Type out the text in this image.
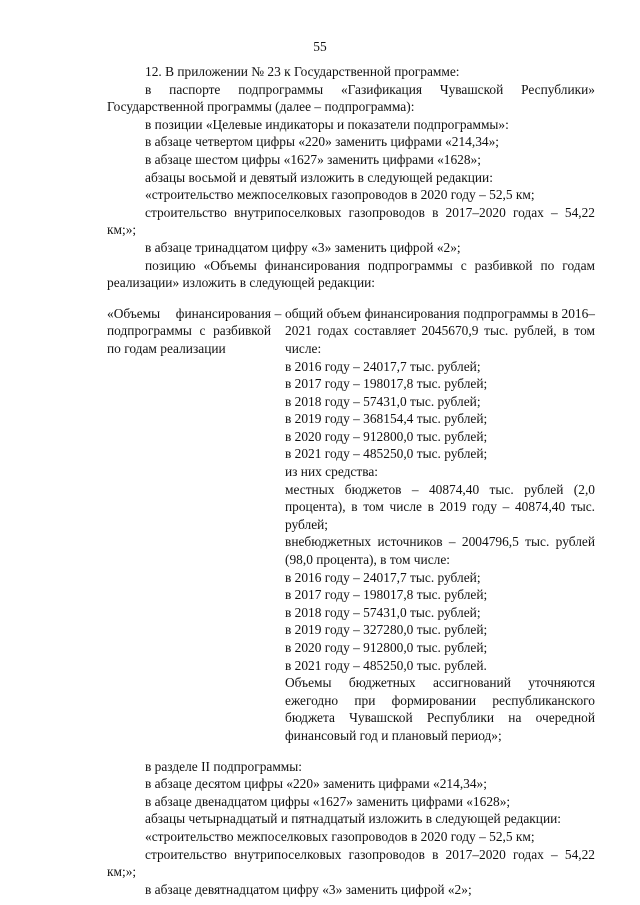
55

12. В приложении № 23 к Государственной программе:

в паспорте подпрограммы «Газификация Чувашской Республики» Государственной программы (далее – подпрограмма):

в позиции «Целевые индикаторы и показатели подпрограммы»:

в абзаце четвертом цифры «220» заменить цифрами «214,34»;

в абзаце шестом цифры «1627» заменить цифрами «1628»;

абзацы восьмой и девятый изложить в следующей редакции:

«строительство межпоселковых газопроводов в 2020 году – 52,5 км;

строительство внутрипоселковых газопроводов в 2017–2020 годах – 54,22 км;»;

в абзаце тринадцатом цифру «3» заменить цифрой «2»;

позицию «Объемы финансирования подпрограммы с разбивкой по годам реализации» изложить в следующей редакции:

«Объемы финансирования подпрограммы с разбивкой по годам реализации
– общий объем финансирования подпрограммы в 2016–2021 годах составляет 2045670,9 тыс. рублей, в том числе:

в 2016 году – 24017,7 тыс. рублей;

в 2017 году – 198017,8 тыс. рублей;

в 2018 году – 57431,0 тыс. рублей;

в 2019 году – 368154,4 тыс. рублей;

в 2020 году – 912800,0 тыс. рублей;

в 2021 году – 485250,0 тыс. рублей;

из них средства:

местных бюджетов – 40874,40 тыс. рублей (2,0 процента), в том числе в 2019 году – 40874,40 тыс. рублей;

внебюджетных источников – 2004796,5 тыс. рублей (98,0 процента), в том числе:

в 2016 году – 24017,7 тыс. рублей;

в 2017 году – 198017,8 тыс. рублей;

в 2018 году – 57431,0 тыс. рублей;

в 2019 году – 327280,0 тыс. рублей;

в 2020 году – 912800,0 тыс. рублей;

в 2021 году – 485250,0 тыс. рублей.

Объемы бюджетных ассигнований уточняются ежегодно при формировании республиканского бюджета Чувашской Республики на очередной финансовый год и плановый период»;

в разделе II подпрограммы:

в абзаце десятом цифры «220» заменить цифрами «214,34»;

в абзаце двенадцатом цифры «1627» заменить цифрами «1628»;

абзацы четырнадцатый и пятнадцатый изложить в следующей редакции:

«строительство межпоселковых газопроводов в 2020 году – 52,5 км;

строительство внутрипоселковых газопроводов в 2017–2020 годах – 54,22 км;»;

в абзаце девятнадцатом цифру «3» заменить цифрой «2»;
